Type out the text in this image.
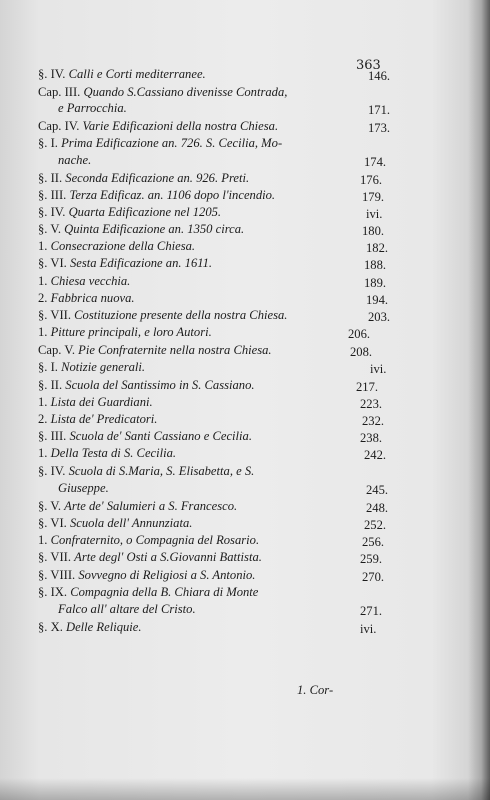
363
§. IV. Calli e Corti mediterranee.	146.
Cap. III. Quando S.Cassiano divenisse Contrada,
e Parrocchia.	171.
Cap. IV. Varie Edificazioni della nostra Chiesa.	173.
§. I. Prima Edificazione an. 726. S. Cecilia, Mo-
nache.	174.
§. II. Seconda Edificazione an. 926. Preti.	176.
§. III. Terza Edificaz. an. 1106 dopo l'incendio.	179.
§. IV. Quarta Edificazione nel 1205.	ivi.
§. V. Quinta Edificazione an. 1350 circa.	180.
1. Consecrazione della Chiesa.	182.
§. VI. Sesta Edificazione an. 1611.	188.
1. Chiesa vecchia.	189.
2. Fabbrica nuova.	194.
§. VII. Costituzione presente della nostra Chiesa.	203.
1. Pitture principali, e loro Autori.	206.
Cap. V. Pie Confraternite nella nostra Chiesa.	208.
§. I. Notizie generali.	ivi.
§. II. Scuola del Santissimo in S. Cassiano.	217.
1. Lista dei Guardiani.	223.
2. Lista de' Predicatori.	232.
§. III. Scuola de' Santi Cassiano e Cecilia.	238.
1. Della Testa di S. Cecilia.	242.
§. IV. Scuola di S.Maria, S. Elisabetta, e S.
Giuseppe.	245.
§. V. Arte de' Salumieri a S. Francesco.	248.
§. VI. Scuola dell' Annunziata.	252.
1. Confraternito, o Compagnia del Rosario.	256.
§. VII. Arte degl' Osti a S.Giovanni Battista.	259.
§. VIII. Sovvegno di Religiosi a S. Antonio.	270.
§. IX. Compagnia della B. Chiara di Monte
Falco all' altare del Cristo.	271.
§. X. Delle Reliquie.	ivi.
1. Cor-
